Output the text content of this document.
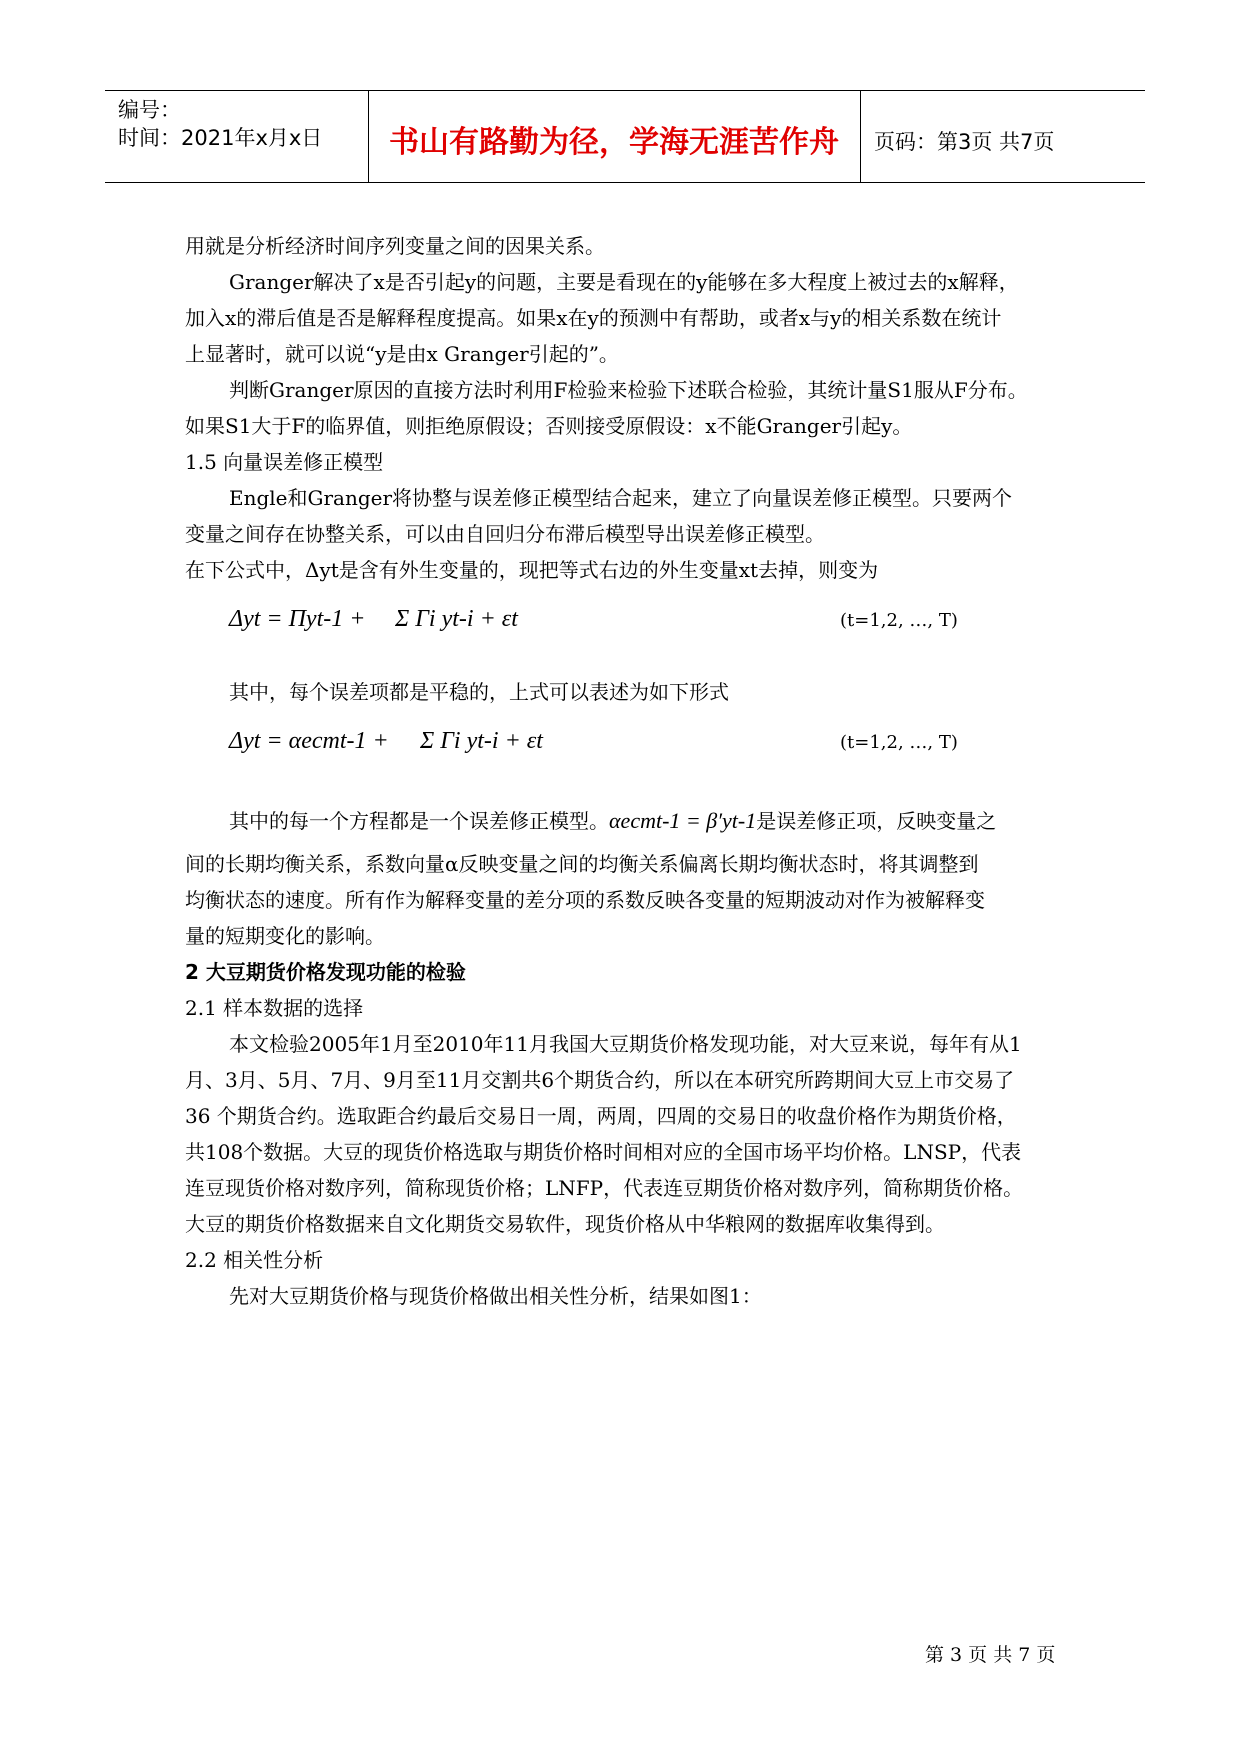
编号：
时间：2021年x月x日	书山有路勤为径，学海无涯苦作舟	页码：第3页 共7页
用就是分析经济时间序列变量之间的因果关系。
Granger解决了x是否引起y的问题，主要是看现在的y能够在多大程度上被过去的x解释，
加入x的滞后值是否是解释程度提高。如果x在y的预测中有帮助，或者x与y的相关系数在统计
上显著时，就可以说“y是由x Granger引起的”。
判断Granger原因的直接方法时利用F检验来检验下述联合检验，其统计量S1服从F分布。
如果S1大于F的临界值，则拒绝原假设；否则接受原假设：x不能Granger引起y。
1.5 向量误差修正模型
Engle和Granger将协整与误差修正模型结合起来，建立了向量误差修正模型。只要两个
变量之间存在协整关系，可以由自回归分布滞后模型导出误差修正模型。
在下公式中，Δyt是含有外生变量的，现把等式右边的外生变量xt去掉，则变为
Δyt = Πyt-1 + Σ Γi yt-i + εt	(t=1,2, …, T)
其中，每个误差项都是平稳的，上式可以表述为如下形式
Δyt = αecmt-1 + Σ Γi yt-i + εt	(t=1,2, …, T)
其中的每一个方程都是一个误差修正模型。αecmt-1 = β′yt-1是误差修正项，反映变量之
间的长期均衡关系，系数向量α反映变量之间的均衡关系偏离长期均衡状态时，将其调整到
均衡状态的速度。所有作为解释变量的差分项的系数反映各变量的短期波动对作为被解释变
量的短期变化的影响。
2 大豆期货价格发现功能的检验
2.1 样本数据的选择
本文检验2005年1月至2010年11月我国大豆期货价格发现功能，对大豆来说，每年有从1
月、3月、5月、7月、9月至11月交割共6个期货合约，所以在本研究所跨期间大豆上市交易了
36 个期货合约。选取距合约最后交易日一周，两周，四周的交易日的收盘价格作为期货价格，
共108个数据。大豆的现货价格选取与期货价格时间相对应的全国市场平均价格。LNSP，代表
连豆现货价格对数序列，简称现货价格；LNFP，代表连豆期货价格对数序列，简称期货价格。
大豆的期货价格数据来自文化期货交易软件，现货价格从中华粮网的数据库收集得到。
2.2 相关性分析
先对大豆期货价格与现货价格做出相关性分析，结果如图1：
第 3 页 共 7 页
